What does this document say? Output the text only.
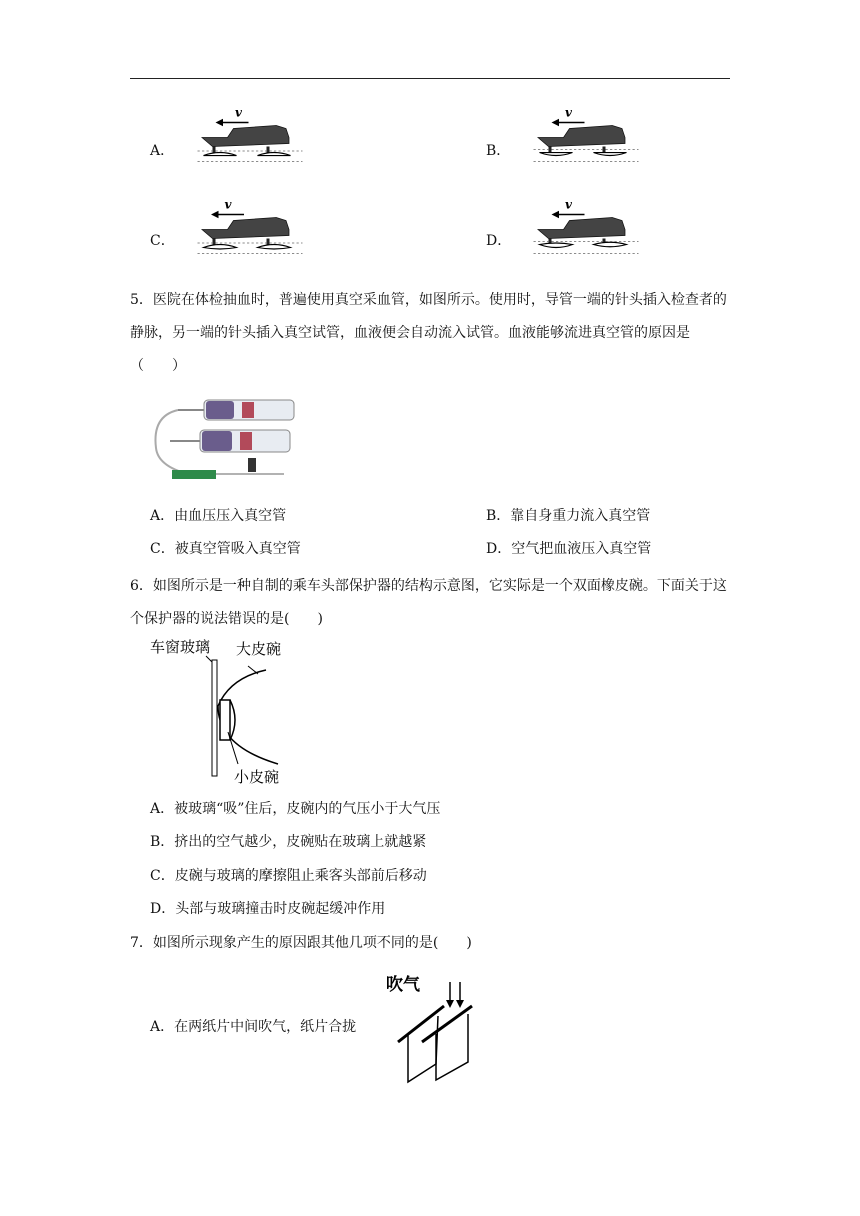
A．
v
B．
v
C．
v
D．
v
5．医院在体检抽血时，普遍使用真空采血管，如图所示。使用时，导管一端的针头插入检查者的静脉，另一端的针头插入真空试管，血液便会自动流入试管。血液能够流进真空管的原因是（　　）
A．由血压压入真空管	B．靠自身重力流入真空管
C．被真空管吸入真空管	D．空气把血液压入真空管
6．如图所示是一种自制的乘车头部保护器的结构示意图，它实际是一个双面橡皮碗。下面关于这个保护器的说法错误的是(　　)
车窗玻璃 大皮碗
小皮碗
A．被玻璃“吸”住后，皮碗内的气压小于大气压
B．挤出的空气越少，皮碗贴在玻璃上就越紧
C．皮碗与玻璃的摩擦阻止乘客头部前后移动
D．头部与玻璃撞击时皮碗起缓冲作用
7．如图所示现象产生的原因跟其他几项不同的是(　　)
A．在两纸片中间吹气，纸片合拢
吹气
